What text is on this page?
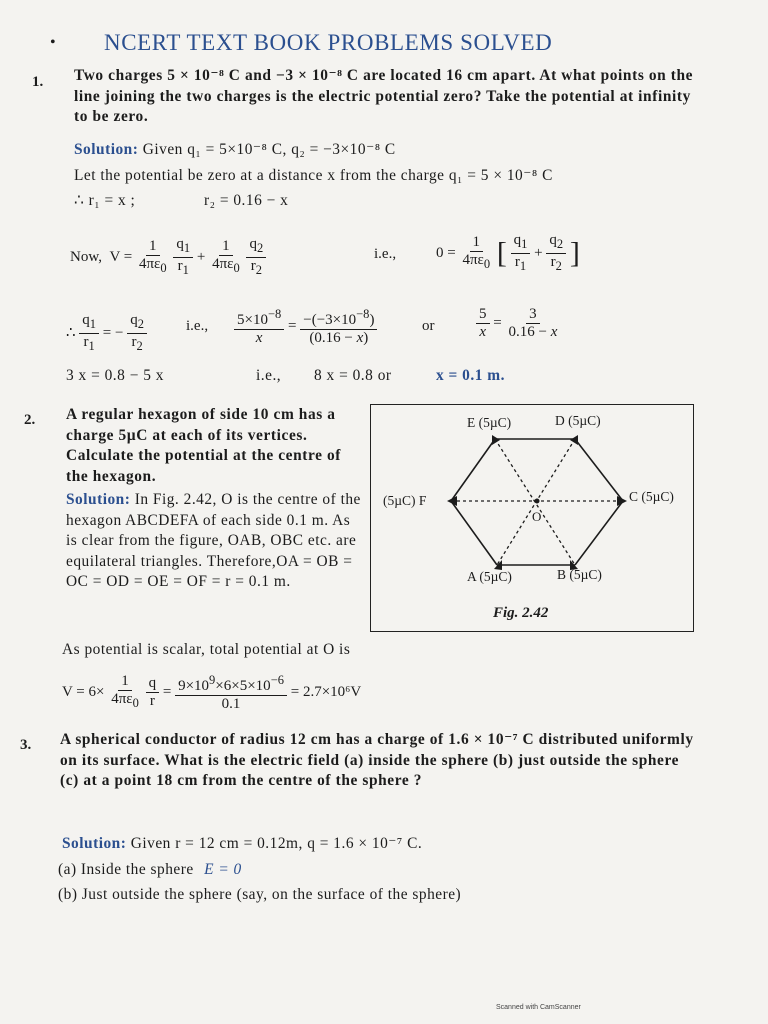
• NCERT TEXT BOOK PROBLEMS SOLVED
1. Two charges 5 × 10⁻⁸ C and −3 × 10⁻⁸ C are located 16 cm apart. At what points on the line joining the two charges is the electric potential zero? Take the potential at infinity to be zero.
Solution: Given q₁ = 5×10⁻⁸ C, q₂ = −3×10⁻⁸ C
Let the potential be zero at a distance x from the charge q₁ = 5 × 10⁻⁸ C
∴ r₁ = x ;	r₂ = 0.16 − x
Now,  $V = \frac{1}{4\pi\varepsilon_0}$
$\frac{q_1}{r_1} + \frac{1}{4\pi\varepsilon_0}$
$\frac{q_2}{r_2}$	i.e.,	$0 = \frac{1}{4\pi\varepsilon_0}$ [ $\frac{q_1}{r_1} + \frac{q_2}{r_2}$ ]
∴ $\frac{q_1}{r_1}$ = − $\frac{q_2}{r_2}$	i.e., $\frac{5\times 10^{-8}}{x} = \frac{-(-3\times 10^{-8})}{(0.16 - x)}$	or	$\frac{5}{x} = \frac{3}{0.16 - x}$
3 x = 0.8 − 5 x	i.e., 8 x = 0.8 or	x = 0.1 m.
2. A regular hexagon of side 10 cm has a charge 5µC at each of its vertices. Calculate the potential at the centre of the hexagon.
Solution: In Fig. 2.42, O is the centre of the hexagon ABCDEFA of each side 0.1 m. As is clear from the figure, OAB, OBC etc. are equilateral triangles. Therefore,OA = OB = OC = OD = OE = OF = r = 0.1 m.
E (5µC)	D (5µC)
(5µC) F	C (5µC)
A (5µC)	B (5µC)
O
Fig. 2.42
As potential is scalar, total potential at O is
$V = 6\times \frac{1}{4\pi\varepsilon_0}$
$\frac{q}{r} = \frac{9\times 10^9\times 6\times 5\times 10^{-6}}{0.1} = 2.7\times 10^6V$
3. A spherical conductor of radius 12 cm has a charge of 1.6 × 10⁻⁷ C distributed uniformly on its surface. What is the electric field (a) inside the sphere (b) just outside the sphere (c) at a point 18 cm from the centre of the sphere ?
Solution: Given r = 12 cm = 0.12m, q = 1.6 × 10⁻⁷ C.
(a) Inside the sphere E = 0
(b) Just outside the sphere (say, on the surface of the sphere)
Scanned with CamScanner
